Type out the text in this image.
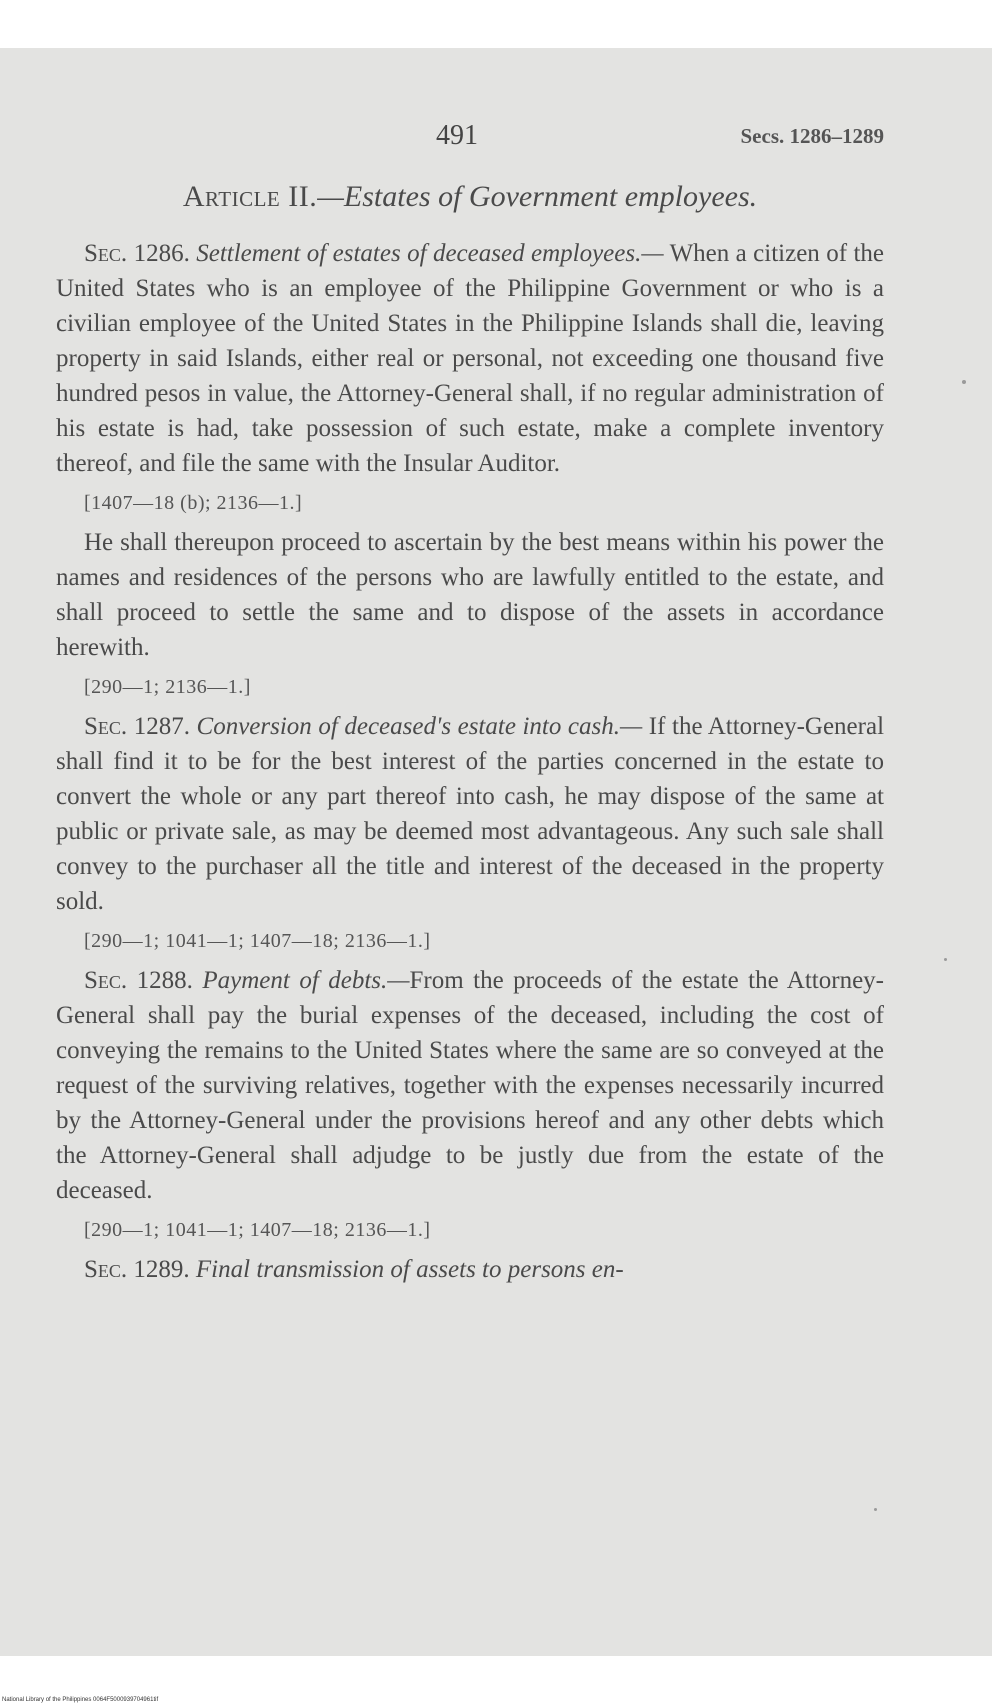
491	Secs. 1286–1289
Article II.—Estates of Government employees.

Sec. 1286. Settlement of estates of deceased employees.— When a citizen of the United States who is an employee of the Philippine Government or who is a civilian employee of the United States in the Philippine Islands shall die, leaving property in said Islands, either real or personal, not exceeding one thousand five hundred pesos in value, the Attorney-General shall, if no regular administration of his estate is had, take possession of such estate, make a complete inventory thereof, and file the same with the Insular Auditor.

[1407—18 (b); 2136—1.]

He shall thereupon proceed to ascertain by the best means within his power the names and residences of the persons who are lawfully entitled to the estate, and shall proceed to settle the same and to dispose of the assets in accordance herewith.

[290—1; 2136—1.]

Sec. 1287. Conversion of deceased's estate into cash.— If the Attorney-General shall find it to be for the best interest of the parties concerned in the estate to convert the whole or any part thereof into cash, he may dispose of the same at public or private sale, as may be deemed most advantageous. Any such sale shall convey to the purchaser all the title and interest of the deceased in the property sold.

[290—1; 1041—1; 1407—18; 2136—1.]

Sec. 1288. Payment of debts.—From the proceeds of the estate the Attorney-General shall pay the burial expenses of the deceased, including the cost of conveying the remains to the United States where the same are so conveyed at the request of the surviving relatives, together with the expenses necessarily incurred by the Attorney-General under the provisions hereof and any other debts which the Attorney-General shall adjudge to be justly due from the estate of the deceased.

[290—1; 1041—1; 1407—18; 2136—1.]

Sec. 1289. Final transmission of assets to persons en-

National Library of the Philippines 0064F5000939704961tif
